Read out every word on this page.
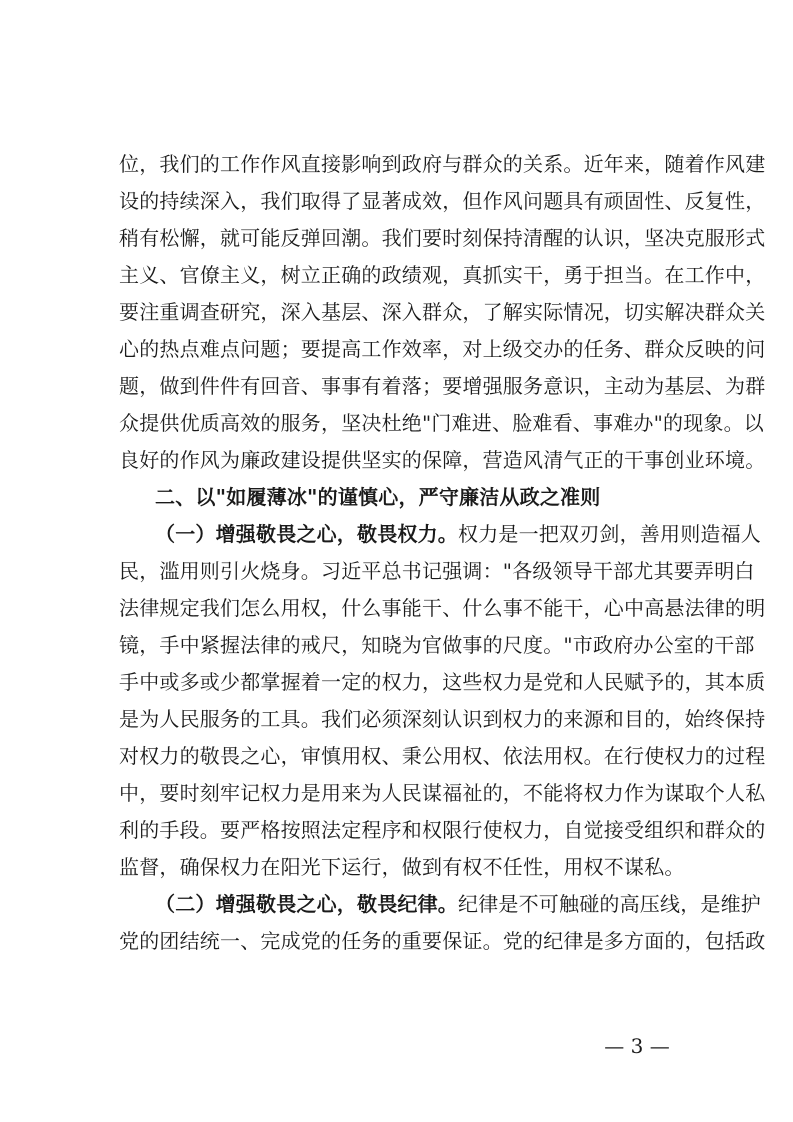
位，我们的工作作风直接影响到政府与群众的关系。近年来，随着作风建
设的持续深入，我们取得了显著成效，但作风问题具有顽固性、反复性，
稍有松懈，就可能反弹回潮。我们要时刻保持清醒的认识，坚决克服形式
主义、官僚主义，树立正确的政绩观，真抓实干，勇于担当。在工作中，
要注重调查研究，深入基层、深入群众，了解实际情况，切实解决群众关
心的热点难点问题；要提高工作效率，对上级交办的任务、群众反映的问
题，做到件件有回音、事事有着落；要增强服务意识，主动为基层、为群
众提供优质高效的服务，坚决杜绝"门难进、脸难看、事难办"的现象。以
良好的作风为廉政建设提供坚实的保障，营造风清气正的干事创业环境。
二、以"如履薄冰"的谨慎心，严守廉洁从政之准则
（一）增强敬畏之心，敬畏权力。权力是一把双刃剑，善用则造福人
民，滥用则引火烧身。习近平总书记强调："各级领导干部尤其要弄明白
法律规定我们怎么用权，什么事能干、什么事不能干，心中高悬法律的明
镜，手中紧握法律的戒尺，知晓为官做事的尺度。"市政府办公室的干部
手中或多或少都掌握着一定的权力，这些权力是党和人民赋予的，其本质
是为人民服务的工具。我们必须深刻认识到权力的来源和目的，始终保持
对权力的敬畏之心，审慎用权、秉公用权、依法用权。在行使权力的过程
中，要时刻牢记权力是用来为人民谋福祉的，不能将权力作为谋取个人私
利的手段。要严格按照法定程序和权限行使权力，自觉接受组织和群众的
监督，确保权力在阳光下运行，做到有权不任性，用权不谋私。
（二）增强敬畏之心，敬畏纪律。纪律是不可触碰的高压线，是维护
党的团结统一、完成党的任务的重要保证。党的纪律是多方面的，包括政
— 3 —
